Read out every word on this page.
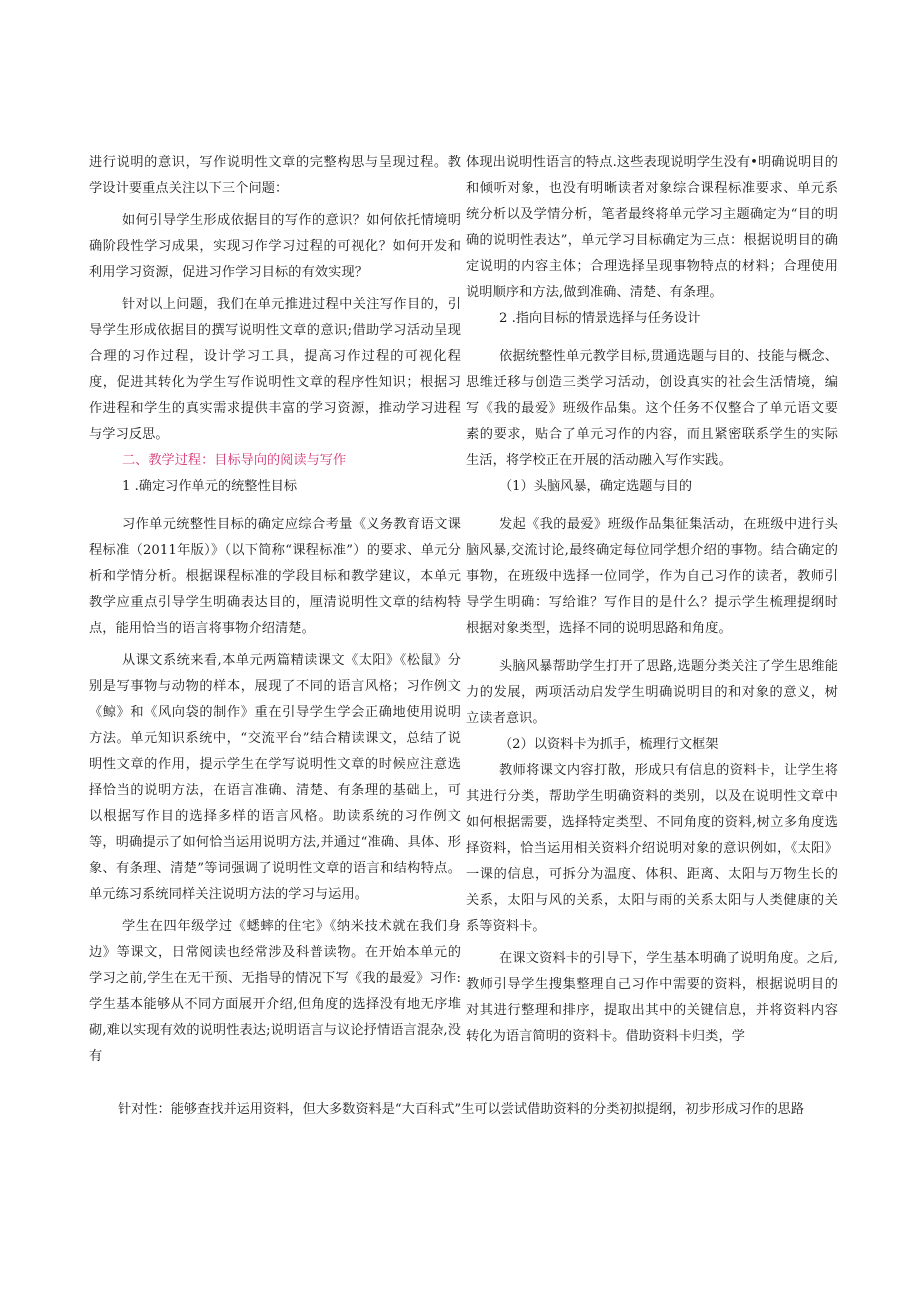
进行说明的意识，写作说明性文章的完整构思与呈现过程。教学设计要重点关注以下三个问题：

如何引导学生形成依据目的写作的意识？如何依托情境明确阶段性学习成果，实现习作学习过程的可视化？如何开发和利用学习资源，促进习作学习目标的有效实现？

针对以上问题，我们在单元推进过程中关注写作目的，引导学生形成依据目的撰写说明性文章的意识;借助学习活动呈现合理的习作过程，设计学习工具，提高习作过程的可视化程度，促进其转化为学生写作说明性文章的程序性知识；根据习作进程和学生的真实需求提供丰富的学习资源，推动学习进程与学习反思。

二、教学过程：目标导向的阅读与写作

1 .确定习作单元的统整性目标

习作单元统整性目标的确定应综合考量《义务教育语文课程标准（2011年版）》（以下简称“课程标准”）的要求、单元分析和学情分析。根据课程标准的学段目标和教学建议，本单元教学应重点引导学生明确表达目的，厘清说明性文章的结构特点，能用恰当的语言将事物介绍清楚。

从课文系统来看,本单元两篇精读课文《太阳》《松鼠》分别是写事物与动物的样本，展现了不同的语言风格；习作例文《鲸》和《风向袋的制作》重在引导学生学会正确地使用说明方法。单元知识系统中，“交流平台”结合精读课文，总结了说明性文章的作用，提示学生在学写说明性文章的时候应注意选择恰当的说明方法，在语言准确、清楚、有条理的基础上，可以根据写作目的选择多样的语言风格。助读系统的习作例文等，明确提示了如何恰当运用说明方法,并通过“准确、具体、形象、有条理、清楚”等词强调了说明性文章的语言和结构特点。单元练习系统同样关注说明方法的学习与运用。

学生在四年级学过《蟋蟀的住宅》《纳米技术就在我们身边》等课文，日常阅读也经常涉及科普读物。在开始本单元的学习之前,学生在无干预、无指导的情况下写《我的最爱》习作:学生基本能够从不同方面展开介绍,但角度的选择没有地无序堆砌,难以实现有效的说明性表达;说明语言与议论抒情语言混杂,没有

体现出说明性语言的特点.这些表现说明学生没有•明确说明目的和倾听对象，也没有明晰读者对象综合课程标准要求、单元系统分析以及学情分析，笔者最终将单元学习主题确定为“目的明确的说明性表达”，单元学习目标确定为三点：根据说明目的确定说明的内容主体；合理选择呈现事物特点的材料；合理使用说明顺序和方法,做到准确、清楚、有条理。

2 .指向目标的情景选择与任务设计

依据统整性单元教学目标,贯通选题与目的、技能与概念、思维迁移与创造三类学习活动，创设真实的社会生活情境，编写《我的最爱》班级作品集。这个任务不仅整合了单元语文要素的要求，贴合了单元习作的内容，而且紧密联系学生的实际生活，将学校正在开展的活动融入写作实践。

（1）头脑风暴，确定选题与目的

发起《我的最爱》班级作品集征集活动，在班级中进行头脑风暴,交流讨论,最终确定每位同学想介绍的事物。结合确定的事物，在班级中选择一位同学，作为自己习作的读者，教师引导学生明确：写给谁？写作目的是什么？提示学生梳理提纲时根据对象类型，选择不同的说明思路和角度。

头脑风暴帮助学生打开了思路,选题分类关注了学生思维能力的发展，两项活动启发学生明确说明目的和对象的意义，树立读者意识。

（2）以资料卡为抓手，梳理行文框架

教师将课文内容打散，形成只有信息的资料卡，让学生将其进行分类，帮助学生明确资料的类别，以及在说明性文章中如何根据需要，选择特定类型、不同角度的资料,树立多角度选择资料，恰当运用相关资料介绍说明对象的意识例如，《太阳》一课的信息，可拆分为温度、体积、距离、太阳与万物生长的关系，太阳与风的关系，太阳与雨的关系太阳与人类健康的关系等资料卡。

在课文资料卡的引导下，学生基本明确了说明角度。之后,教师引导学生搜集整理自己习作中需要的资料，根据说明目的对其进行整理和排序，提取出其中的关键信息，并将资料内容转化为语言简明的资料卡。借助资料卡归类，学

针对性：能够查找并运用资料，但大多数资料是“大百科式”生可以尝试借助资料的分类初拟提纲，初步形成习作的思路
